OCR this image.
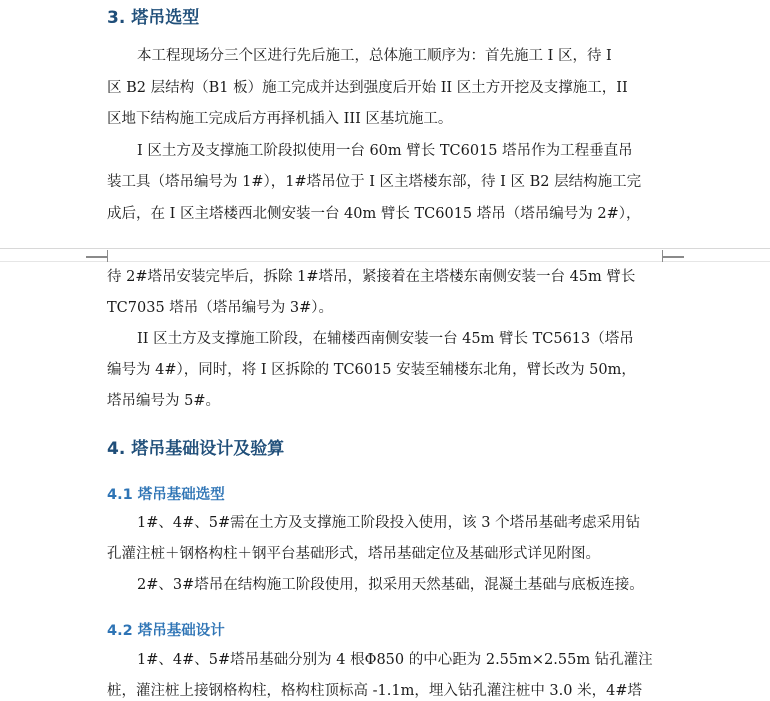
3. 塔吊选型
本工程现场分三个区进行先后施工，总体施工顺序为：首先施工 I 区，待 I
区 B2 层结构（B1 板）施工完成并达到强度后开始 II 区土方开挖及支撑施工，II
区地下结构施工完成后方再择机插入 III 区基坑施工。
I 区土方及支撑施工阶段拟使用一台 60m 臂长 TC6015 塔吊作为工程垂直吊
装工具（塔吊编号为 1#），1#塔吊位于 I 区主塔楼东部，待 I 区 B2 层结构施工完
成后，在 I 区主塔楼西北侧安装一台 40m 臂长 TC6015 塔吊（塔吊编号为 2#），
待 2#塔吊安装完毕后，拆除 1#塔吊，紧接着在主塔楼东南侧安装一台 45m 臂长
TC7035 塔吊（塔吊编号为 3#）。
II 区土方及支撑施工阶段，在辅楼西南侧安装一台 45m 臂长 TC5613（塔吊
编号为 4#），同时，将 I 区拆除的 TC6015 安装至辅楼东北角，臂长改为 50m，
塔吊编号为 5#。
4. 塔吊基础设计及验算
4.1 塔吊基础选型
1#、4#、5#需在土方及支撑施工阶段投入使用，该 3 个塔吊基础考虑采用钻
孔灌注桩＋钢格构柱＋钢平台基础形式，塔吊基础定位及基础形式详见附图。
2#、3#塔吊在结构施工阶段使用，拟采用天然基础，混凝土基础与底板连接。
4.2 塔吊基础设计
1#、4#、5#塔吊基础分别为 4 根Φ850 的中心距为 2.55m×2.55m 钻孔灌注
桩，灌注桩上接钢格构柱，格构柱顶标高 -1.1m，埋入钻孔灌注桩中 3.0 米，4#塔
